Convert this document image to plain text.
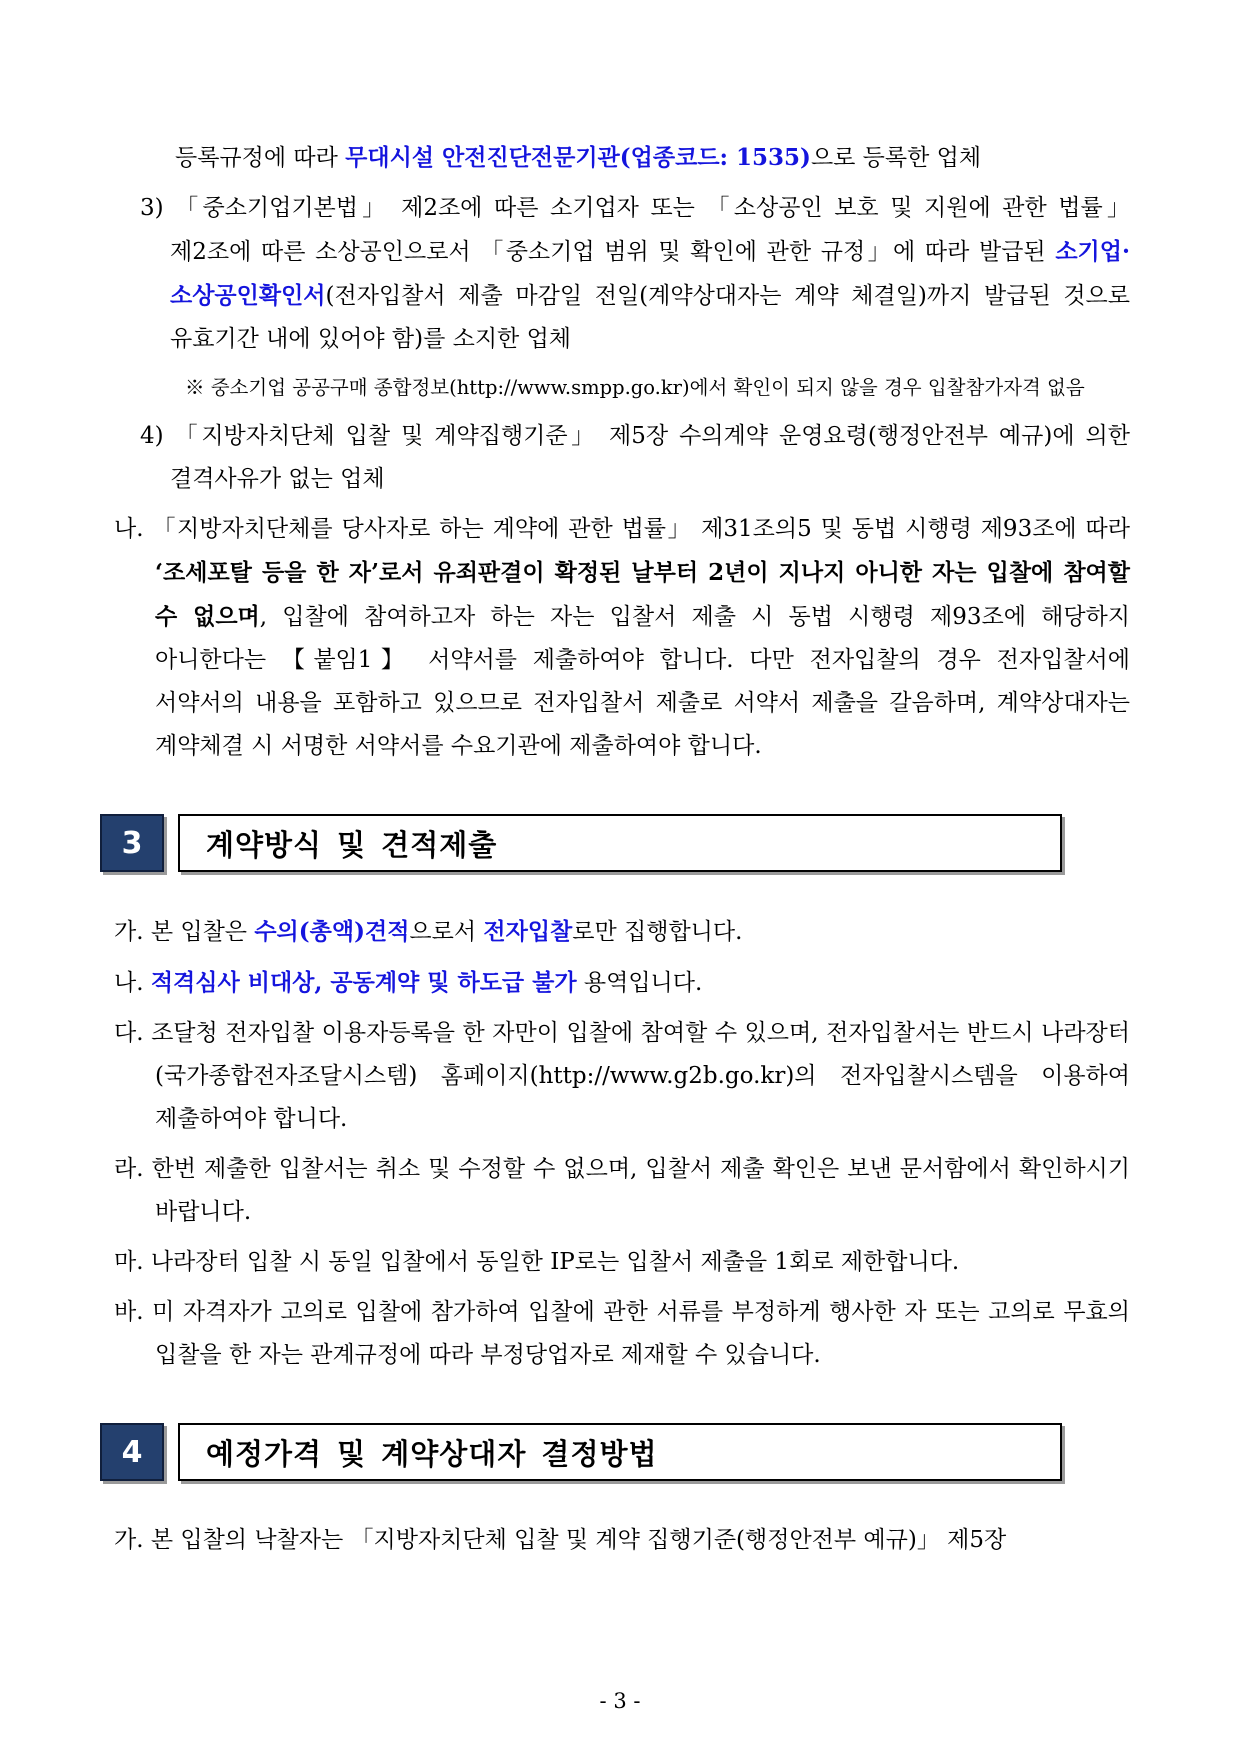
등록규정에 따라 무대시설 안전진단전문기관(업종코드: 1535)으로 등록한 업체

3) 「중소기업기본법」 제2조에 따른 소기업자 또는 「소상공인 보호 및 지원에 관한 법률」 제2조에 따른 소상공인으로서 「중소기업 범위 및 확인에 관한 규정」에 따라 발급된 소기업·소상공인확인서(전자입찰서 제출 마감일 전일(계약상대자는 계약 체결일)까지 발급된 것으로 유효기간 내에 있어야 함)를 소지한 업체

※ 중소기업 공공구매 종합정보(http://www.smpp.go.kr)에서 확인이 되지 않을 경우 입찰참가자격 없음

4) 「지방자치단체 입찰 및 계약집행기준」 제5장 수의계약 운영요령(행정안전부 예규)에 의한 결격사유가 없는 업체

나. 「지방자치단체를 당사자로 하는 계약에 관한 법률」 제31조의5 및 동법 시행령 제93조에 따라 ‘조세포탈 등을 한 자’로서 유죄판결이 확정된 날부터 2년이 지나지 아니한 자는 입찰에 참여할 수 없으며, 입찰에 참여하고자 하는 자는 입찰서 제출 시 동법 시행령 제93조에 해당하지 아니한다는 【붙임1】 서약서를 제출하여야 합니다. 다만 전자입찰의 경우 전자입찰서에 서약서의 내용을 포함하고 있으므로 전자입찰서 제출로 서약서 제출을 갈음하며, 계약상대자는 계약체결 시 서명한 서약서를 수요기관에 제출하여야 합니다.

3	계약방식 및 견적제출

가. 본 입찰은 수의(총액)견적으로서 전자입찰로만 집행합니다.

나. 적격심사 비대상, 공동계약 및 하도급 불가 용역입니다.

다. 조달청 전자입찰 이용자등록을 한 자만이 입찰에 참여할 수 있으며, 전자입찰서는 반드시 나라장터(국가종합전자조달시스템) 홈페이지(http://www.g2b.go.kr)의 전자입찰시스템을 이용하여 제출하여야 합니다.

라. 한번 제출한 입찰서는 취소 및 수정할 수 없으며, 입찰서 제출 확인은 보낸 문서함에서 확인하시기 바랍니다.

마. 나라장터 입찰 시 동일 입찰에서 동일한 IP로는 입찰서 제출을 1회로 제한합니다.

바. 미 자격자가 고의로 입찰에 참가하여 입찰에 관한 서류를 부정하게 행사한 자 또는 고의로 무효의 입찰을 한 자는 관계규정에 따라 부정당업자로 제재할 수 있습니다.

4	예정가격 및 계약상대자 결정방법

가. 본 입찰의 낙찰자는 「지방자치단체 입찰 및 계약 집행기준(행정안전부 예규)」 제5장

- 3 -
